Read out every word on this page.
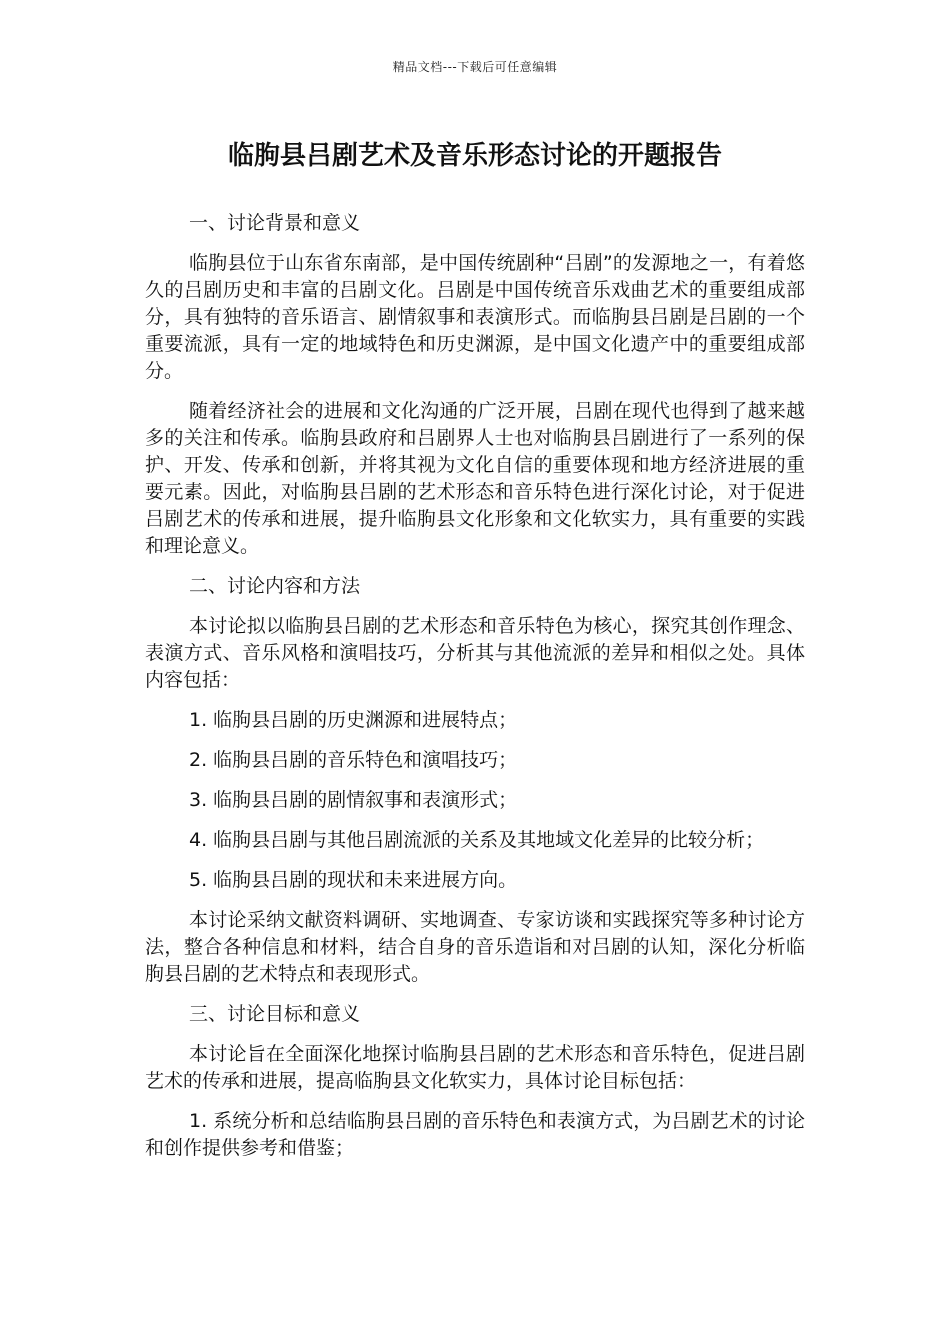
精品文档---下载后可任意编辑
临朐县吕剧艺术及音乐形态讨论的开题报告
一、讨论背景和意义

临朐县位于山东省东南部，是中国传统剧种“吕剧”的发源地之一，有着悠久的吕剧历史和丰富的吕剧文化。吕剧是中国传统音乐戏曲艺术的重要组成部分，具有独特的音乐语言、剧情叙事和表演形式。而临朐县吕剧是吕剧的一个重要流派，具有一定的地域特色和历史渊源，是中国文化遗产中的重要组成部分。

随着经济社会的进展和文化沟通的广泛开展，吕剧在现代也得到了越来越多的关注和传承。临朐县政府和吕剧界人士也对临朐县吕剧进行了一系列的保护、开发、传承和创新，并将其视为文化自信的重要体现和地方经济进展的重要元素。因此，对临朐县吕剧的艺术形态和音乐特色进行深化讨论，对于促进吕剧艺术的传承和进展，提升临朐县文化形象和文化软实力，具有重要的实践和理论意义。

二、讨论内容和方法

本讨论拟以临朐县吕剧的艺术形态和音乐特色为核心，探究其创作理念、表演方式、音乐风格和演唱技巧，分析其与其他流派的差异和相似之处。具体内容包括：

1. 临朐县吕剧的历史渊源和进展特点；
2. 临朐县吕剧的音乐特色和演唱技巧；
3. 临朐县吕剧的剧情叙事和表演形式；
4. 临朐县吕剧与其他吕剧流派的关系及其地域文化差异的比较分析；
5. 临朐县吕剧的现状和未来进展方向。

本讨论采纳文献资料调研、实地调查、专家访谈和实践探究等多种讨论方法，整合各种信息和材料，结合自身的音乐造诣和对吕剧的认知，深化分析临朐县吕剧的艺术特点和表现形式。

三、讨论目标和意义

本讨论旨在全面深化地探讨临朐县吕剧的艺术形态和音乐特色，促进吕剧艺术的传承和进展，提高临朐县文化软实力，具体讨论目标包括：

1. 系统分析和总结临朐县吕剧的音乐特色和表演方式，为吕剧艺术的讨论和创作提供参考和借鉴；
